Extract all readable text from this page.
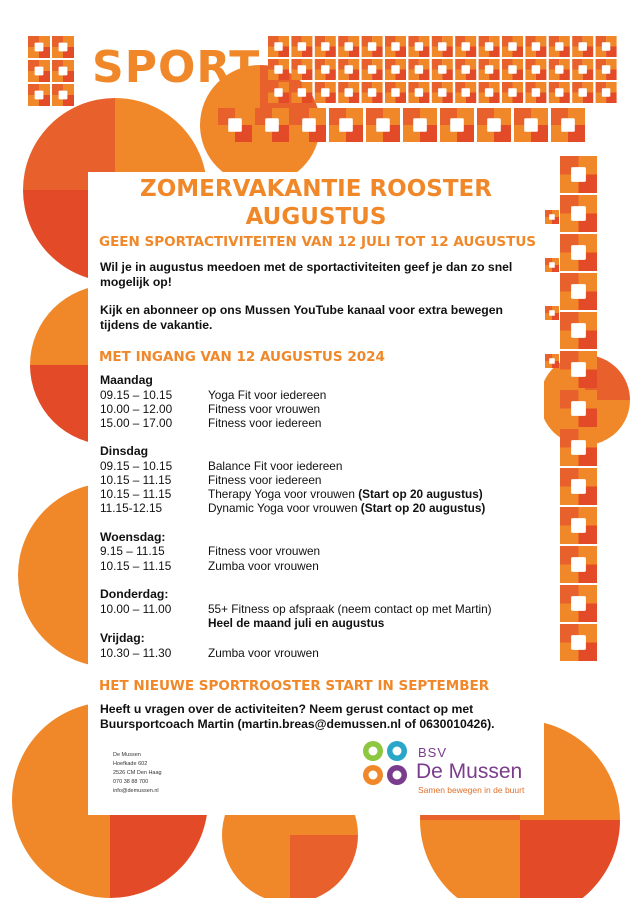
SPORT
ZOMERVAKANTIE ROOSTER
AUGUSTUS
GEEN SPORTACTIVITEITEN VAN 12 JULI TOT 12 AUGUSTUS

Wil je in augustus meedoen met de sportactiviteiten geef je dan zo snel mogelijk op!

Kijk en abonneer op ons Mussen YouTube kanaal voor extra bewegen tijdens de vakantie.

MET INGANG VAN 12 AUGUSTUS 2024

Maandag

09.15 – 10.15	Yoga Fit voor iedereen
10.00 – 12.00	Fitness voor vrouwen
15.00 – 17.00	Fitness voor iedereen

Dinsdag

09.15 – 10.15	Balance Fit voor iedereen
10.15 – 11.15	Fitness voor iedereen
10.15 – 11.15	Therapy Yoga voor vrouwen (Start op 20 augustus)
11.15-12.15	Dynamic Yoga voor vrouwen (Start op 20 augustus)

Woensdag:

9.15 – 11.15	Fitness voor vrouwen
10.15 – 11.15	Zumba voor vrouwen

Donderdag:

10.00 – 11.00	55+ Fitness op afspraak (neem contact op met Martin)

Heel de maand juli en augustus

Vrijdag:

10.30 – 11.30	Zumba voor vrouwen
HET NIEUWE SPORTROOSTER START IN SEPTEMBER

Heeft u vragen over de activiteiten? Neem gerust contact op met Buursportcoach Martin (martin.breas@demussen.nl of 0630010426).

De Mussen
Hoefkade 602
2526 CM Den Haag
070 38 88 700
info@demussen.nl
BSV
De Mussen
Samen bewegen in de buurt
